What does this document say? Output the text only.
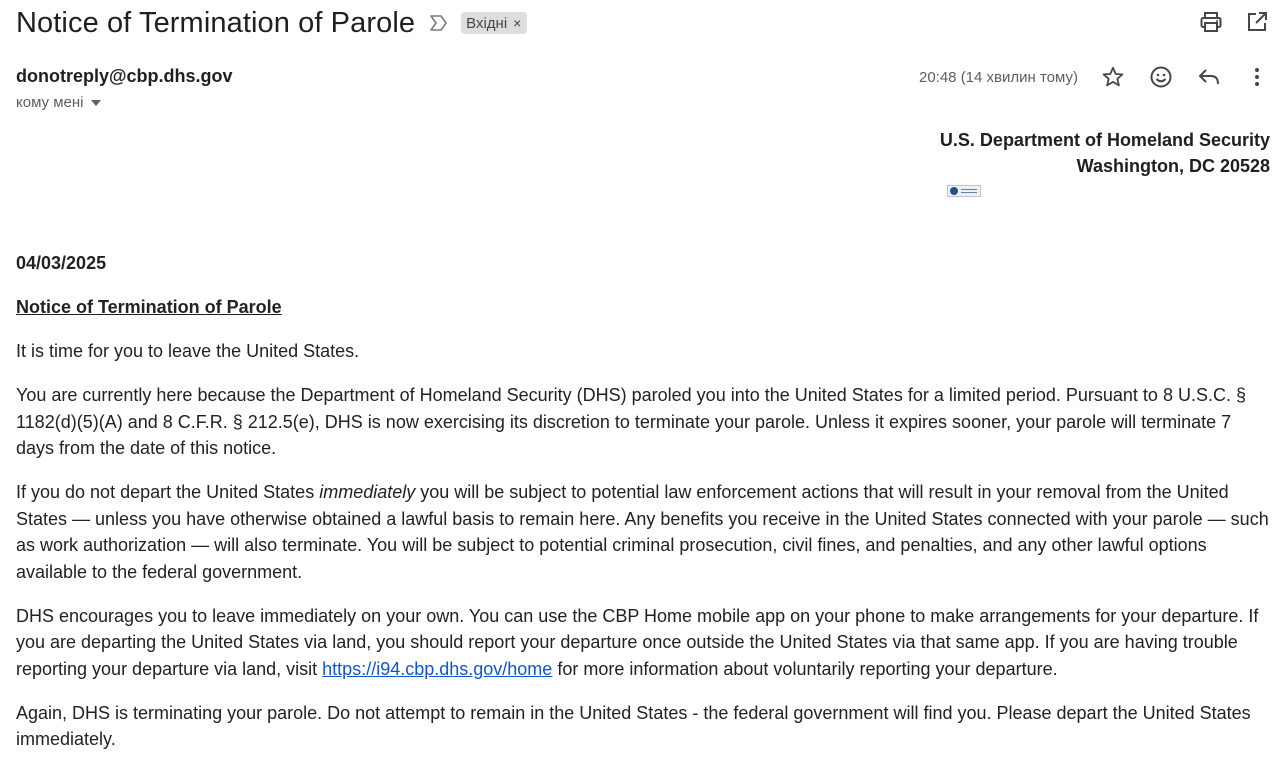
Notice of Termination of Parole	Вхідні ×
donotreply@cbp.dhs.gov
кому мені
20:48 (14 хвилин тому)
U.S. Department of Homeland Security
Washington, DC 20528

04/03/2025

Notice of Termination of Parole

It is time for you to leave the United States.

You are currently here because the Department of Homeland Security (DHS) paroled you into the United States for a limited period. Pursuant to 8 U.S.C. § 1182(d)(5)(A) and 8 C.F.R. § 212.5(e), DHS is now exercising its discretion to terminate your parole. Unless it expires sooner, your parole will terminate 7 days from the date of this notice.

If you do not depart the United States immediately you will be subject to potential law enforcement actions that will result in your removal from the United States — unless you have otherwise obtained a lawful basis to remain here. Any benefits you receive in the United States connected with your parole — such as work authorization — will also terminate. You will be subject to potential criminal prosecution, civil fines, and penalties, and any other lawful options available to the federal government.

DHS encourages you to leave immediately on your own. You can use the CBP Home mobile app on your phone to make arrangements for your departure. If you are departing the United States via land, you should report your departure once outside the United States via that same app. If you are having trouble reporting your departure via land, visit https://i94.cbp.dhs.gov/home for more information about voluntarily reporting your departure.

Again, DHS is terminating your parole. Do not attempt to remain in the United States - the federal government will find you. Please depart the United States immediately.
